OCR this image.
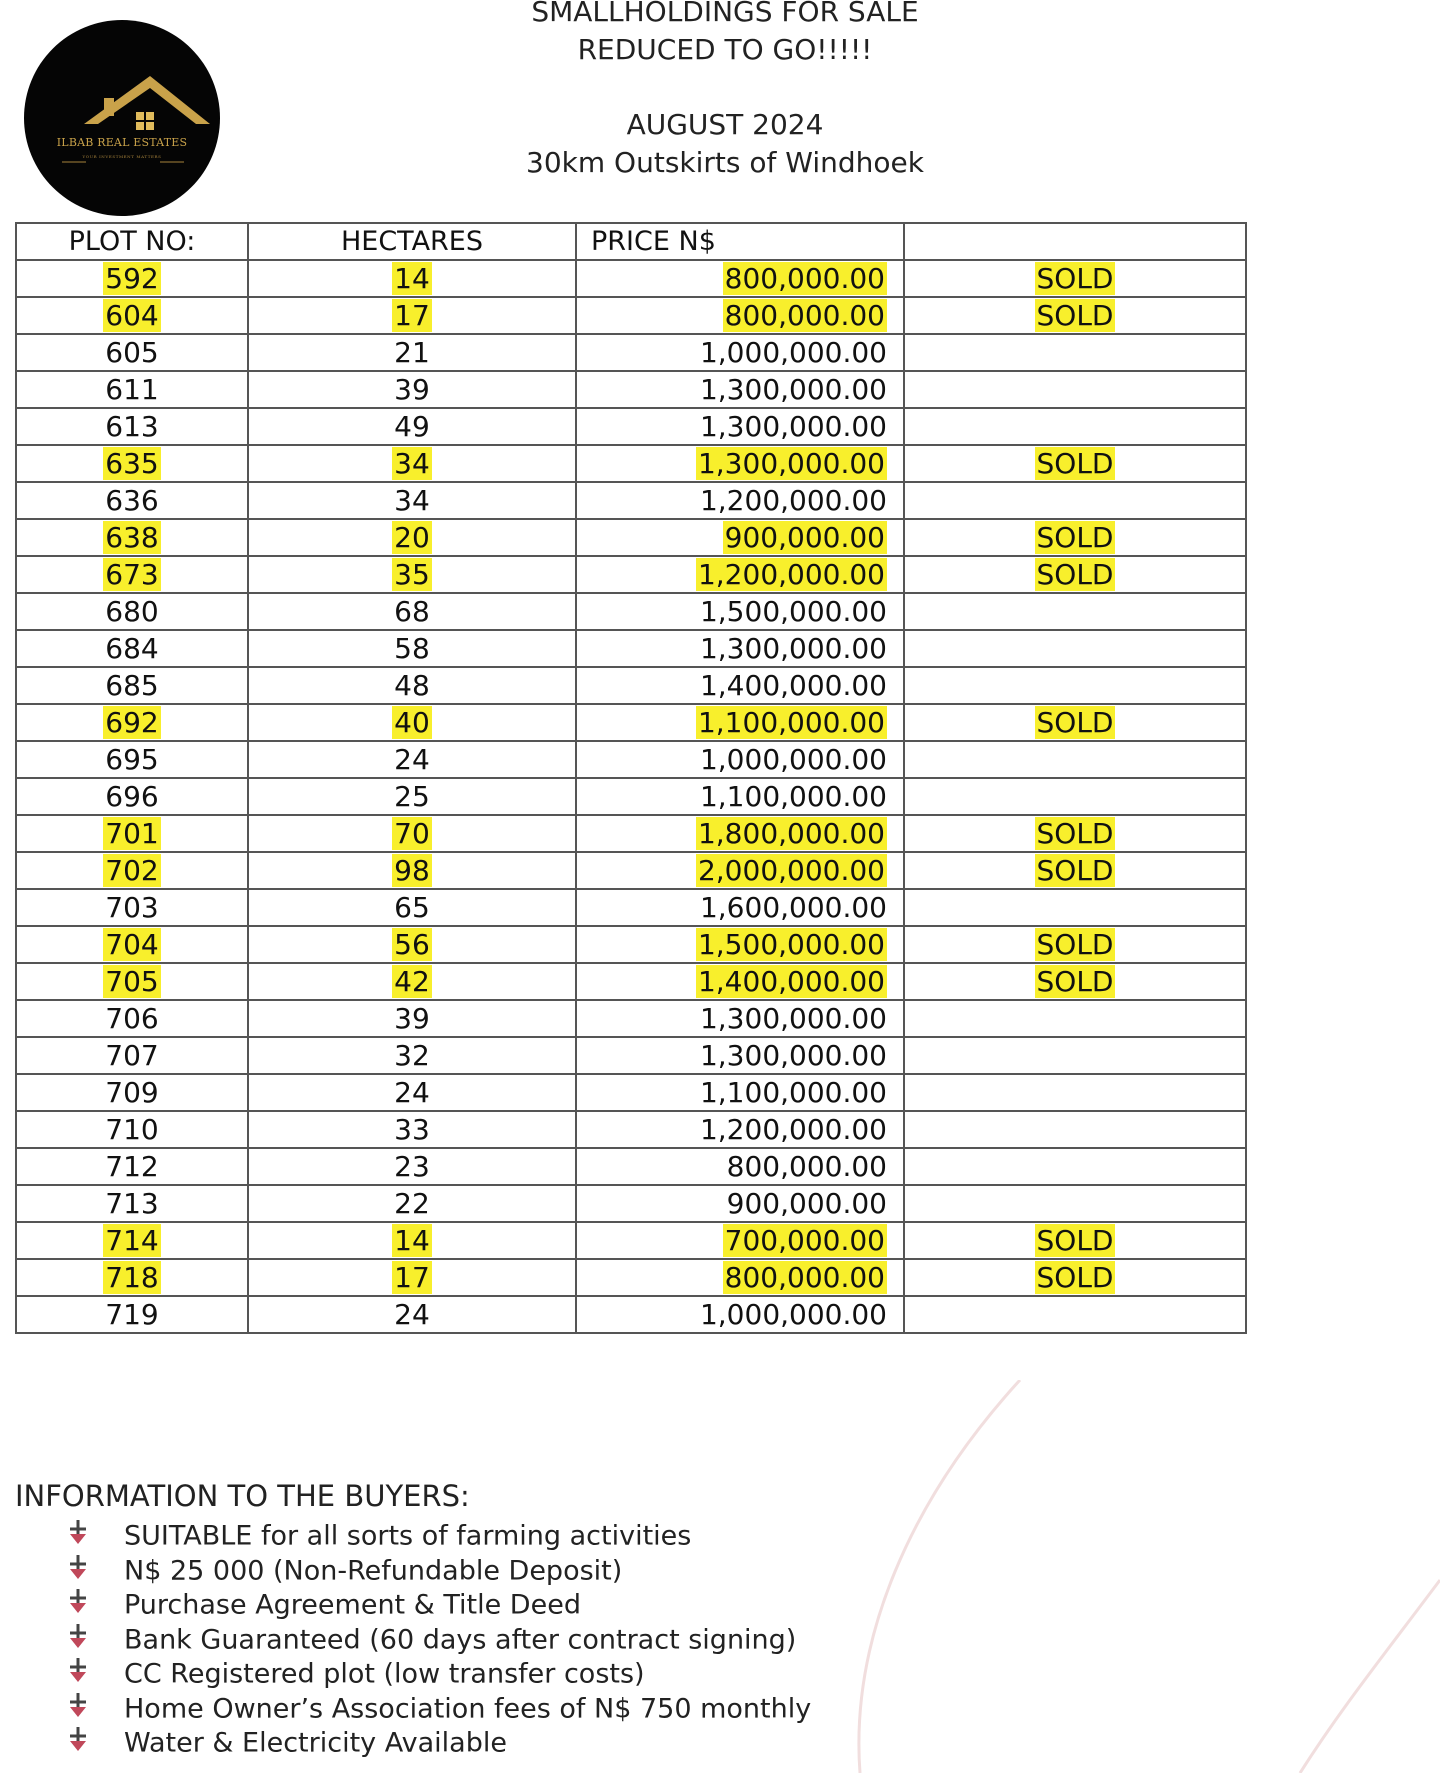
ILBAB REAL ESTATES
YOUR INVESTMENT MATTERS
SMALLHOLDINGS FOR SALE
REDUCED TO GO!!!!!
AUGUST 2024
30km Outskirts of Windhoek
PLOT NO:	HECTARES	PRICE N$	
592	14	800,000.00	SOLD
604	17	800,000.00	SOLD
605	21	1,000,000.00	
611	39	1,300,000.00	
613	49	1,300,000.00	
635	34	1,300,000.00	SOLD
636	34	1,200,000.00	
638	20	900,000.00	SOLD
673	35	1,200,000.00	SOLD
680	68	1,500,000.00	
684	58	1,300,000.00	
685	48	1,400,000.00	
692	40	1,100,000.00	SOLD
695	24	1,000,000.00	
696	25	1,100,000.00	
701	70	1,800,000.00	SOLD
702	98	2,000,000.00	SOLD
703	65	1,600,000.00	
704	56	1,500,000.00	SOLD
705	42	1,400,000.00	SOLD
706	39	1,300,000.00	
707	32	1,300,000.00	
709	24	1,100,000.00	
710	33	1,200,000.00	
712	23	800,000.00	
713	22	900,000.00	
714	14	700,000.00	SOLD
718	17	800,000.00	SOLD
719	24	1,000,000.00	
INFORMATION TO THE BUYERS:
SUITABLE for all sorts of farming activities
N$ 25 000 (Non-Refundable Deposit)
Purchase Agreement & Title Deed
Bank Guaranteed (60 days after contract signing)
CC Registered plot (low transfer costs)
Home Owner’s Association fees of N$ 750 monthly
Water & Electricity Available
